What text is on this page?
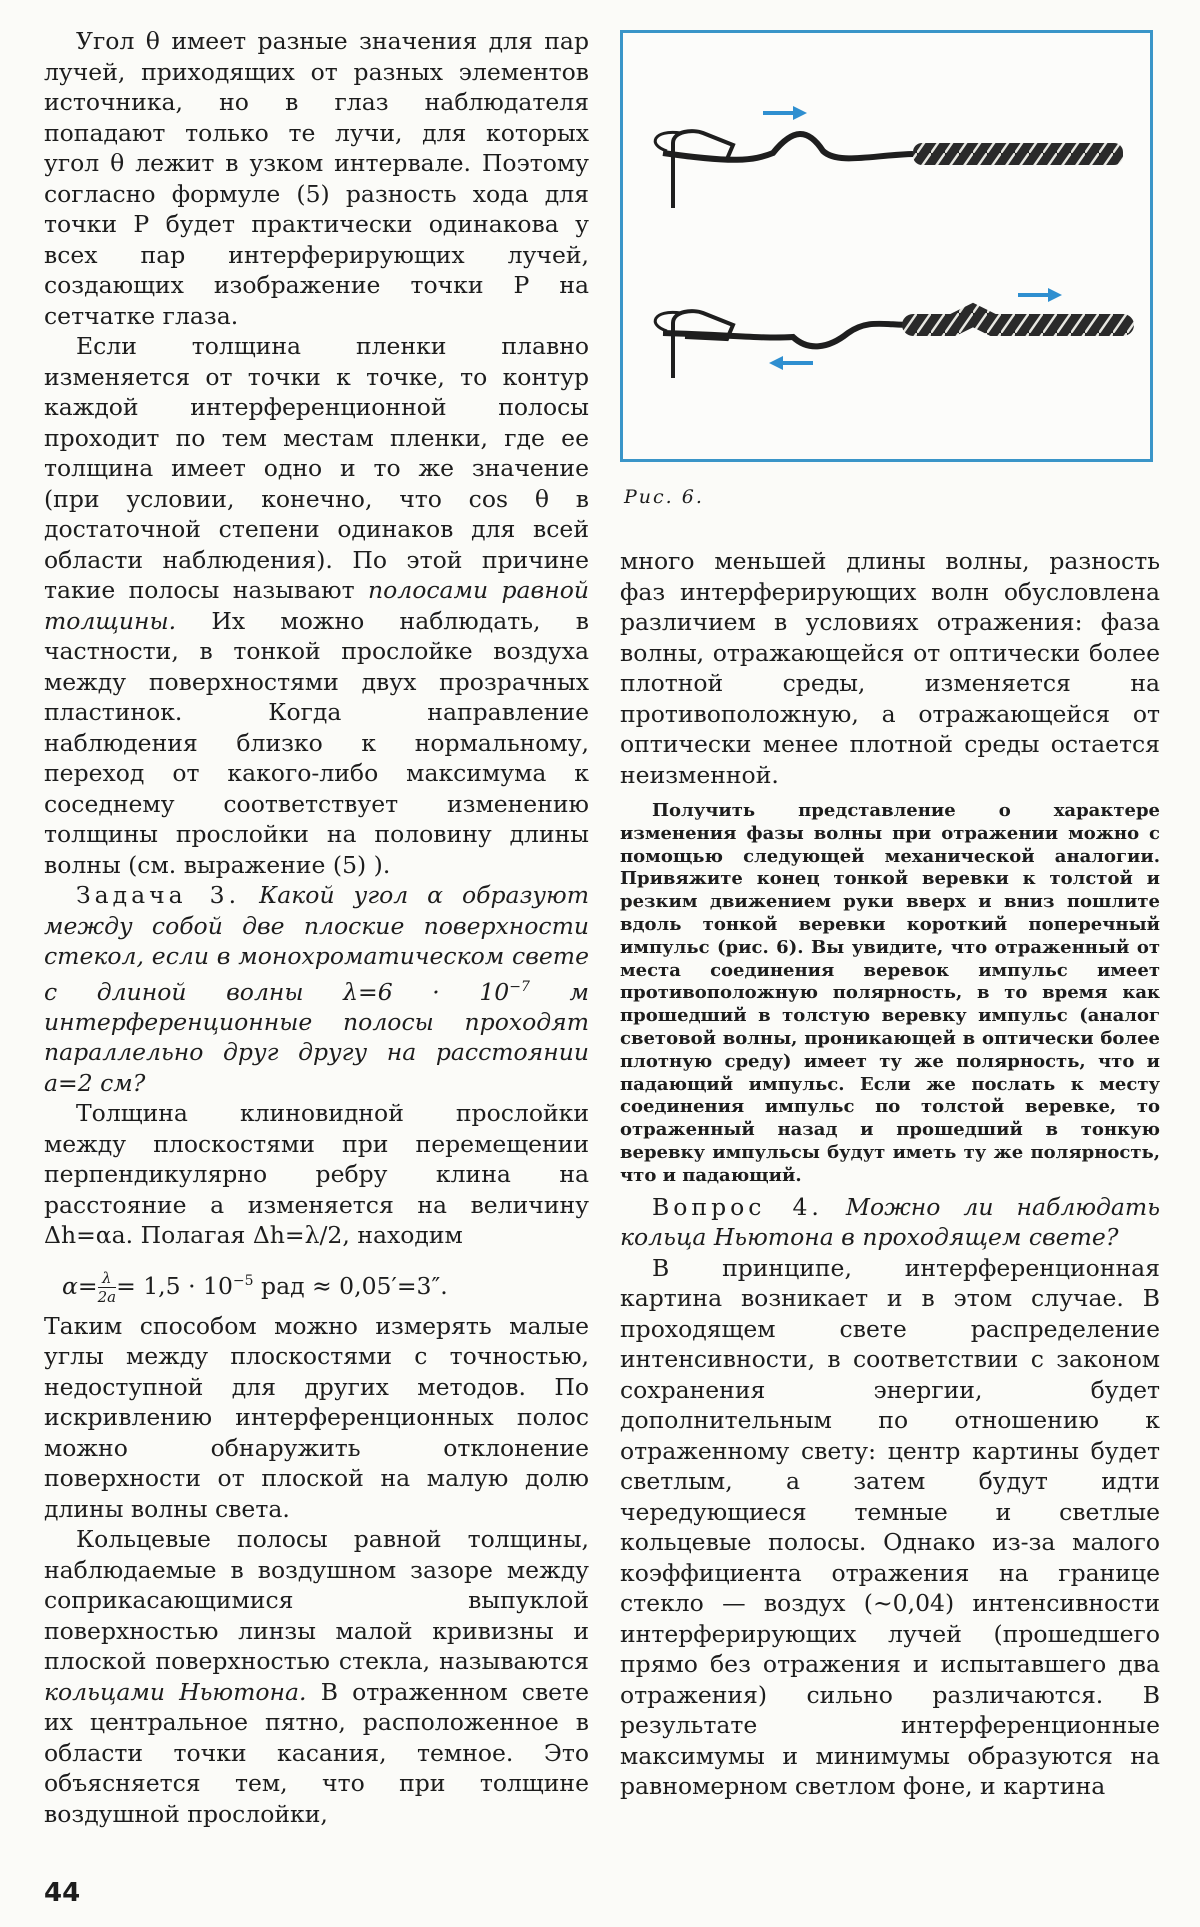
Угол θ имеет разные значения для пар лучей, приходящих от разных элементов источника, но в глаз наблюдателя попадают только те лучи, для которых угол θ лежит в узком интервале. Поэтому согласно формуле (5) разность хода для точки P будет практически одинакова у всех пар интерферирующих лучей, создающих изображение точки P на сетчатке глаза.

Если толщина пленки плавно изменяется от точки к точке, то контур каждой интерференционной полосы проходит по тем местам пленки, где ее толщина имеет одно и то же значение (при условии, конечно, что cos θ в достаточной степени одинаков для всей области наблюдения). По этой причине такие полосы называют полосами равной толщины. Их можно наблюдать, в частности, в тонкой прослойке воздуха между поверхностями двух прозрачных пластинок. Когда направление наблюдения близко к нормальному, переход от какого-либо максимума к соседнему соответствует изменению толщины прослойки на половину длины волны (см. выражение (5) ).

Задача 3. Какой угол α образуют между собой две плоские поверхности стекол, если в монохроматическом свете с длиной волны $\lambda=6 \cdot 10^{-7}$ м интерференционные полосы проходят параллельно друг другу на расстоянии a=2 см?

Толщина клиновидной прослойки между плоскостями при перемещении перпендикулярно ребру клина на расстояние a изменяется на величину Δh=αa. Полагая Δh=λ/2, находим

$\alpha= \frac{\lambda}{2a} = 1,5 \cdot 10^{-5}$ рад ≈ 0,05′=3″.

Таким способом можно измерять малые углы между плоскостями с точностью, недоступной для других методов. По искривлению интерференционных полос можно обнаружить отклонение поверхности от плоской на малую долю длины волны света.

Кольцевые полосы равной толщины, наблюдаемые в воздушном зазоре между соприкасающимися выпуклой поверхностью линзы малой кривизны и плоской поверхностью стекла, называются кольцами Ньютона. В отраженном свете их центральное пятно, расположенное в области точки касания, темное. Это объясняется тем, что при толщине воздушной прослойки,

Рис. 6.

много меньшей длины волны, разность фаз интерферирующих волн обусловлена различием в условиях отражения: фаза волны, отражающейся от оптически более плотной среды, изменяется на противоположную, а отражающейся от оптически менее плотной среды остается неизменной.

Получить представление о характере изменения фазы волны при отражении можно с помощью следующей механической аналогии. Привяжите конец тонкой веревки к толстой и резким движением руки вверх и вниз пошлите вдоль тонкой веревки короткий поперечный импульс (рис. 6). Вы увидите, что отраженный от места соединения веревок импульс имеет противоположную полярность, в то время как прошедший в толстую веревку импульс (аналог световой волны, проникающей в оптически более плотную среду) имеет ту же полярность, что и падающий импульс. Если же послать к месту соединения импульс по толстой веревке, то отраженный назад и прошедший в тонкую веревку импульсы будут иметь ту же полярность, что и падающий.

Вопрос 4. Можно ли наблюдать кольца Ньютона в проходящем свете?

В принципе, интерференционная картина возникает и в этом случае. В проходящем свете распределение интенсивности, в соответствии с законом сохранения энергии, будет дополнительным по отношению к отраженному свету: центр картины будет светлым, а затем будут идти чередующиеся темные и светлые кольцевые полосы. Однако из-за малого коэффициента отражения на границе стекло — воздух (~0,04) интенсивности интерферирующих лучей (прошедшего прямо без отражения и испытавшего два отражения) сильно различаются. В результате интерференционные максимумы и минимумы образуются на равномерном светлом фоне, и картина

44
